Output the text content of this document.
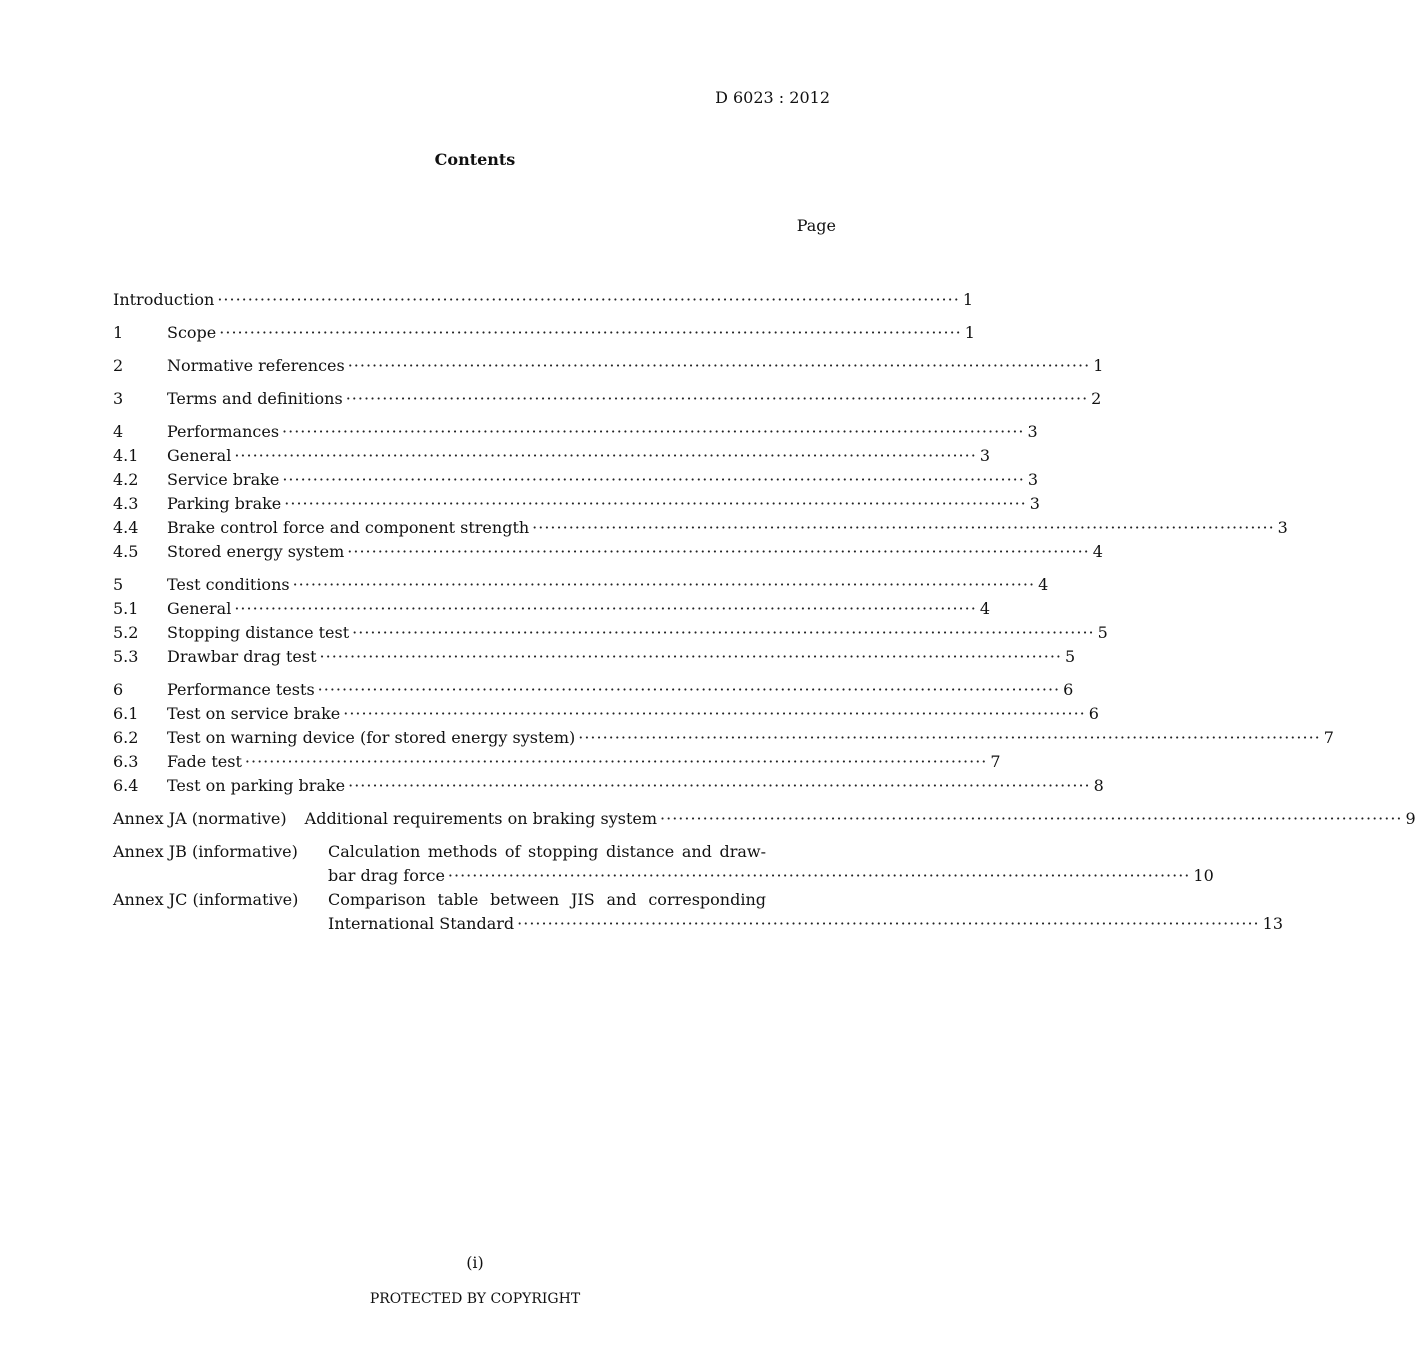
D 6023 : 2012
Contents
Page
Introduction ·························································································································· 1
1	Scope ·························································································································· 1
2	Normative references ·························································································································· 1
3	Terms and definitions ·························································································································· 2
4	Performances ·························································································································· 3
4.1	General ·························································································································· 3
4.2	Service brake ·························································································································· 3
4.3	Parking brake ·························································································································· 3
4.4	Brake control force and component strength ·························································································································· 3
4.5	Stored energy system ·························································································································· 4
5	Test conditions ·························································································································· 4
5.1	General ·························································································································· 4
5.2	Stopping distance test ·························································································································· 5
5.3	Drawbar drag test ·························································································································· 5
6	Performance tests ·························································································································· 6
6.1	Test on service brake ·························································································································· 6
6.2	Test on warning device (for stored energy system) ·························································································································· 7
6.3	Fade test ·························································································································· 7
6.4	Test on parking brake ·························································································································· 8
Annex JA (normative) Additional requirements on braking system ·························································································································· 9
Annex JB (informative)	Calculation methods of stopping distance and draw-
bar drag force ·························································································································· 10
Annex JC (informative)	Comparison table between JIS and corresponding
International Standard ·························································································································· 13
(i)
PROTECTED BY COPYRIGHT
